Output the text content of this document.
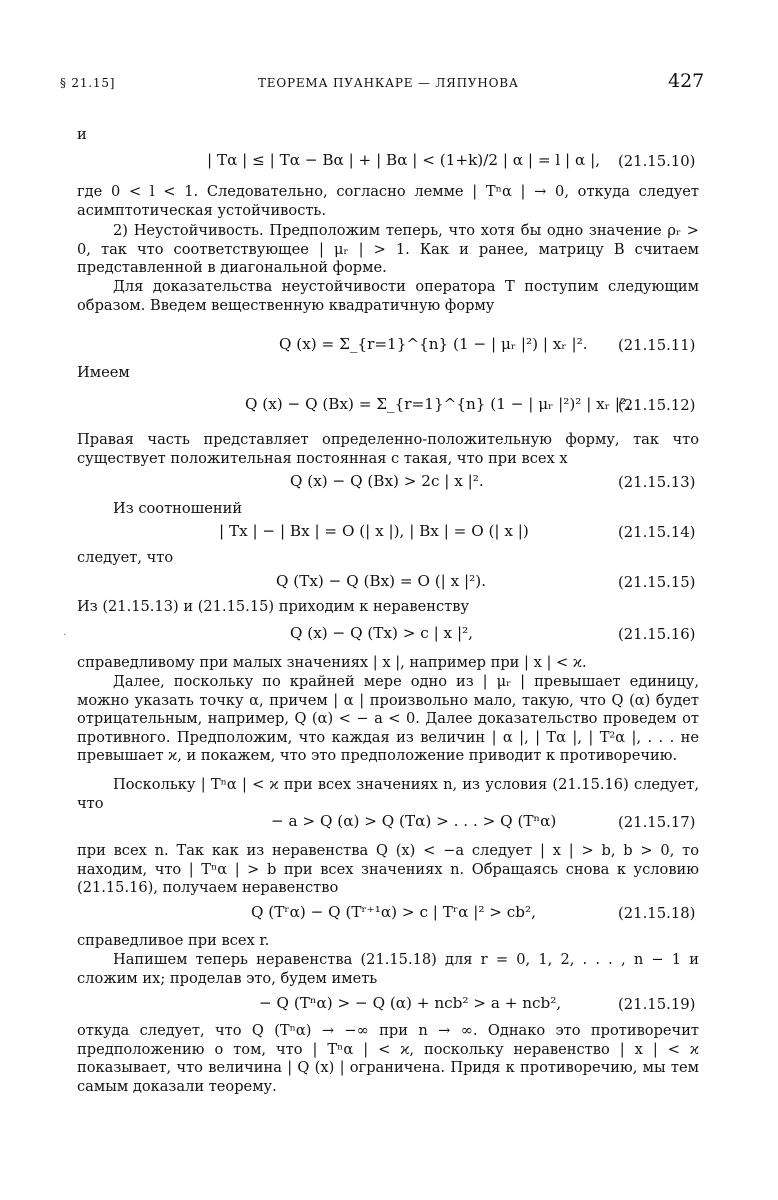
§ 21.15]	ТЕОРЕМА ПУАНКАРЕ — ЛЯПУНОВА	427
и
| Tα | ≤ | Tα − Bα | + | Bα | < (1+k)/2 | α | = l | α |, (21.15.10)
где 0 < l < 1. Следовательно, согласно лемме | Tⁿα | → 0, откуда следует асимптотическая устойчивость.
2) Неустойчивость. Предположим теперь, что хотя бы одно значение ρᵣ > 0, так что соответствующее | μᵣ | > 1. Как и ранее, матрицу B считаем представленной в диагональной форме.
Для доказательства неустойчивости оператора T поступим следующим образом. Введем вещественную квадратичную форму
Q (x) = Σ_{r=1}^{n} (1 − | μᵣ |²) | xᵣ |². (21.15.11)
Имеем
Q (x) − Q (Bx) = Σ_{r=1}^{n} (1 − | μᵣ |²)² | xᵣ |².
(21.15.12)
Правая часть представляет определенно-положительную форму, так что существует положительная постоянная c такая, что при всех x
Q (x) − Q (Bx) > 2c | x |².	(21.15.13)
Из соотношений
| Tx | − | Bx | = O (| x |), | Bx | = O (| x |)	(21.15.14)
следует, что
Q (Tx) − Q (Bx) = O (| x |²).	(21.15.15)
Из (21.15.13) и (21.15.15) приходим к неравенству
·	Q (x) − Q (Tx) > c | x |²,	(21.15.16)
справедливому при малых значениях | x |, например при | x | < ϰ.
Далее, поскольку по крайней мере одно из | μᵣ | превышает единицу, можно указать точку α, причем | α | произвольно мало, такую, что Q (α) будет отрицательным, например, Q (α) < − a < 0. Далее доказательство проведем от противного. Предположим, что каждая из величин | α |, | Tα |, | T²α |, . . . не превышает ϰ, и покажем, что это предположение приводит к противоречию.
Поскольку | Tⁿα | < ϰ при всех значениях n, из условия (21.15.16) следует, что
− a > Q (α) > Q (Tα) > . . . > Q (Tⁿα)	(21.15.17)
при всех n. Так как из неравенства Q (x) < −a следует | x | > b, b > 0, то находим, что | Tⁿα | > b при всех значениях n. Обращаясь снова к условию (21.15.16), получаем неравенство
Q (Tʳα) − Q (Tʳ⁺¹α) > c | Tʳα |² > cb²,	(21.15.18)
справедливое при всех r.
Напишем теперь неравенства (21.15.18) для r = 0, 1, 2, . . . , n − 1 и сложим их; проделав это, будем иметь
− Q (Tⁿα) > − Q (α) + ncb² > a + ncb²,	(21.15.19)
откуда следует, что Q (Tⁿα) → −∞ при n → ∞. Однако это противоречит предположению о том, что | Tⁿα | < ϰ, поскольку неравенство | x | < ϰ показывает, что величина | Q (x) | ограничена. Придя к противоречию, мы тем самым доказали теорему.
